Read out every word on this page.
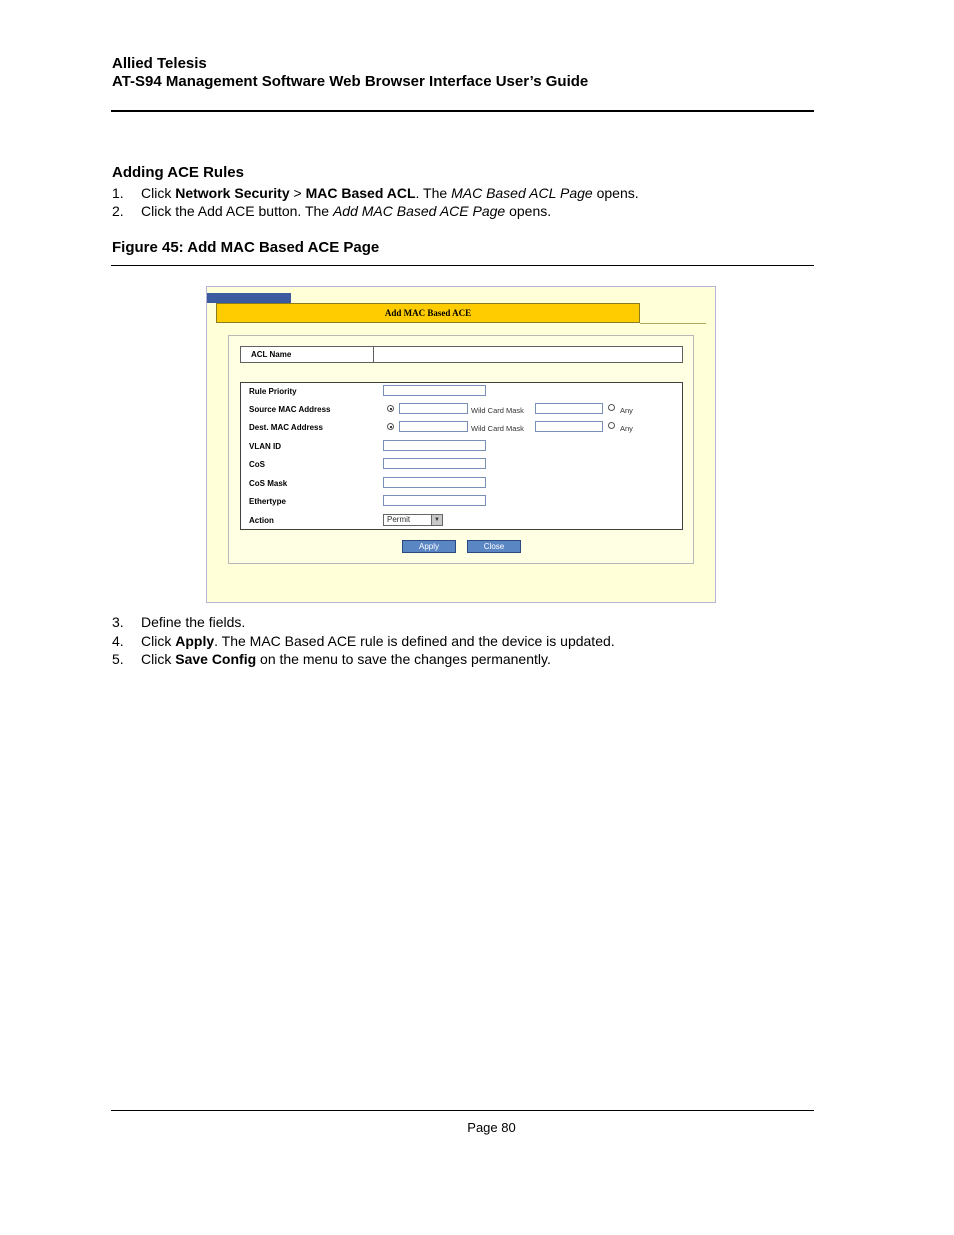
Allied Telesis
AT-S94 Management Software Web Browser Interface User’s Guide
Adding ACE Rules
1. Click Network Security > MAC Based ACL. The MAC Based ACL Page opens.
2. Click the Add ACE button. The Add MAC Based ACE Page opens.
Figure 45: Add MAC Based ACE Page
Add MAC Based ACE
ACL Name
Rule Priority
Source MAC Address	Wild Card Mask	Any
Dest. MAC Address	Wild Card Mask	Any
VLAN ID
CoS
CoS Mask
Ethertype
Action	Permit	▼
Apply	Close
3. Define the fields.
4. Click Apply. The MAC Based ACE rule is defined and the device is updated.
5. Click Save Config on the menu to save the changes permanently.
Page 80
